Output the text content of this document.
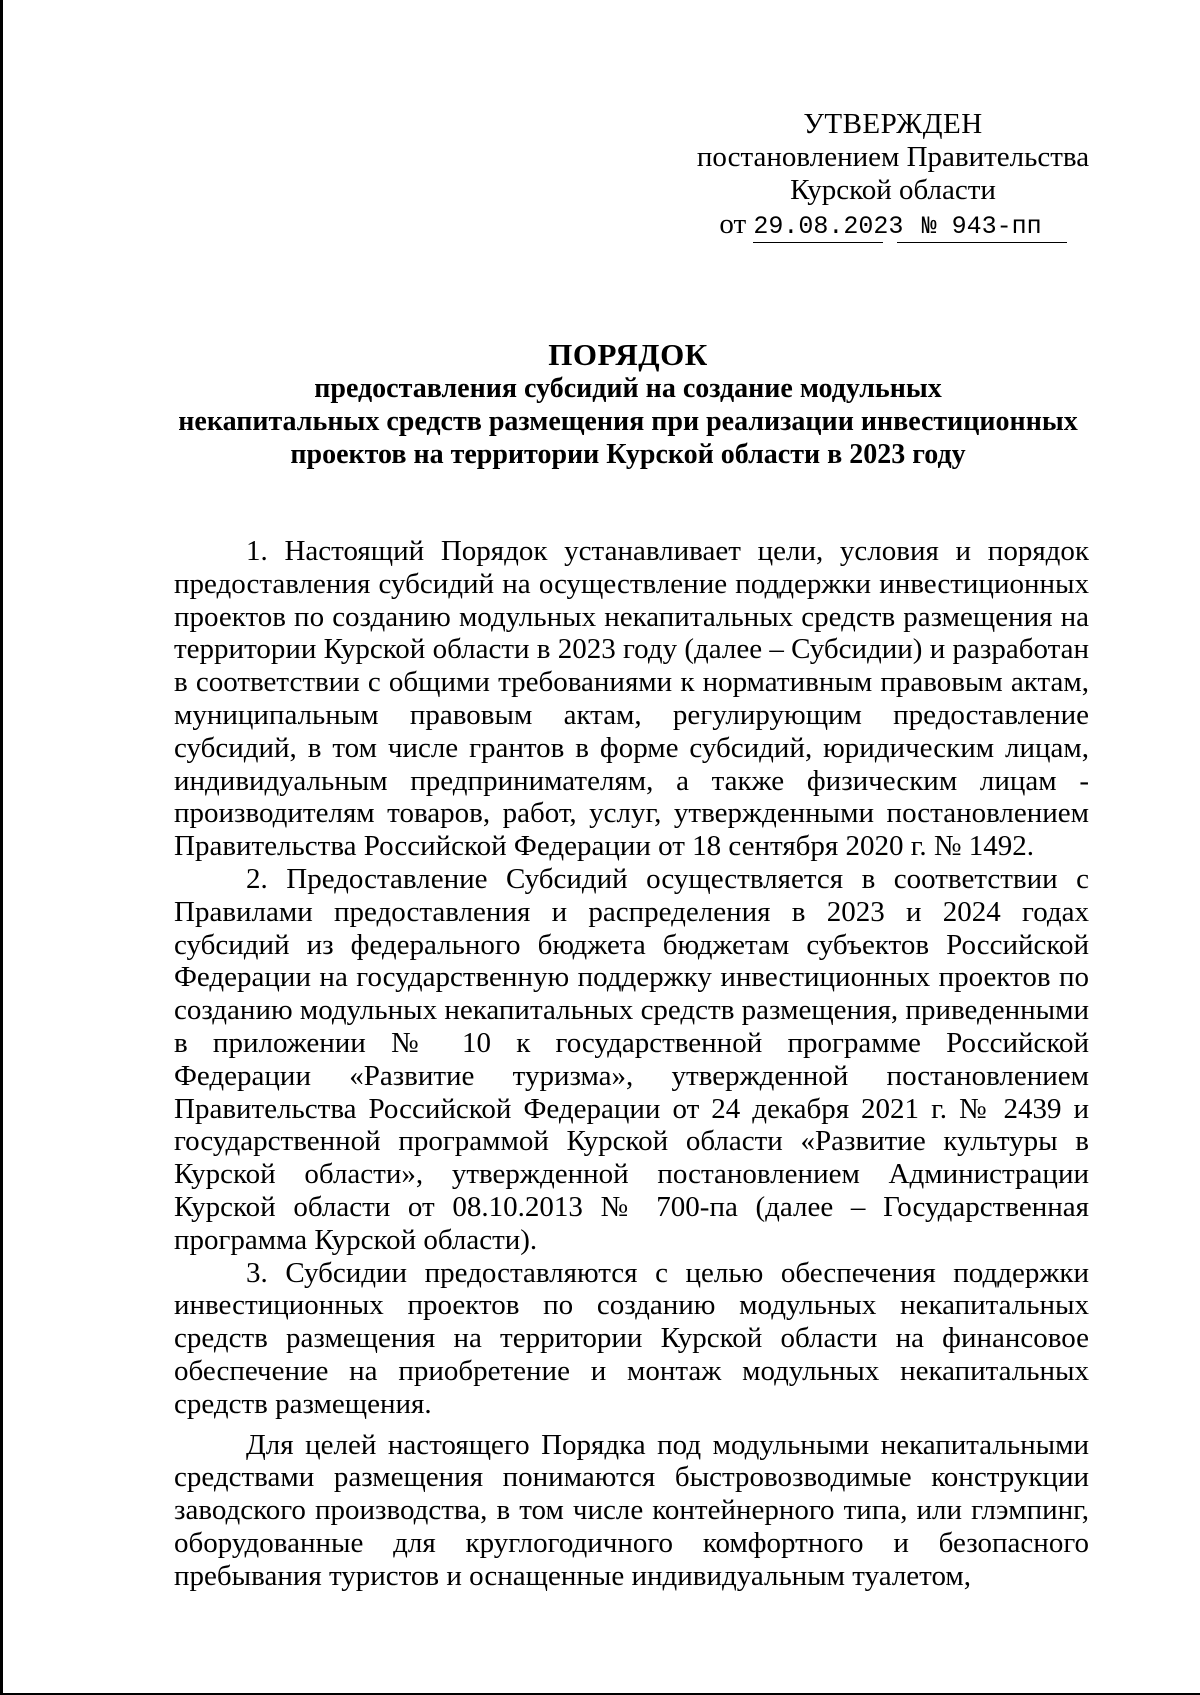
УТВЕРЖДЕН
постановлением Правительства
Курской области
от 29.08.2023 № 943-пп
ПОРЯДОК
предоставления субсидий на создание модульных
некапитальных средств размещения при реализации инвестиционных
проектов на территории Курской области в 2023 году

1. Настоящий Порядок устанавливает цели, условия и порядок предоставления субсидий на осуществление поддержки инвестиционных проектов по созданию модульных некапитальных средств размещения на территории Курской области в 2023 году (далее – Субсидии) и разработан в соответствии с общими требованиями к нормативным правовым актам, муниципальным правовым актам, регулирующим предоставление субсидий, в том числе грантов в форме субсидий, юридическим лицам, индивидуальным предпринимателям, а также физическим лицам - производителям товаров, работ, услуг, утвержденными постановлением Правительства Российской Федерации от 18 сентября 2020 г. № 1492.

2. Предоставление Субсидий осуществляется в соответствии с Правилами предоставления и распределения в 2023 и 2024 годах субсидий из федерального бюджета бюджетам субъектов Российской Федерации на государственную поддержку инвестиционных проектов по созданию модульных некапитальных средств размещения, приведенными в приложении № 10 к государственной программе Российской Федерации «Развитие туризма», утвержденной постановлением Правительства Российской Федерации от 24 декабря 2021 г. № 2439 и государственной программой Курской области «Развитие культуры в Курской области», утвержденной постановлением Администрации Курской области от 08.10.2013 № 700-па (далее – Государственная программа Курской области).

3. Субсидии предоставляются с целью обеспечения поддержки инвестиционных проектов по созданию модульных некапитальных средств размещения на территории Курской области на финансовое обеспечение на приобретение и монтаж модульных некапитальных средств размещения.

Для целей настоящего Порядка под модульными некапитальными средствами размещения понимаются быстровозводимые конструкции заводского производства, в том числе контейнерного типа, или глэмпинг, оборудованные для круглогодичного комфортного и безопасного пребывания туристов и оснащенные индивидуальным туалетом,
